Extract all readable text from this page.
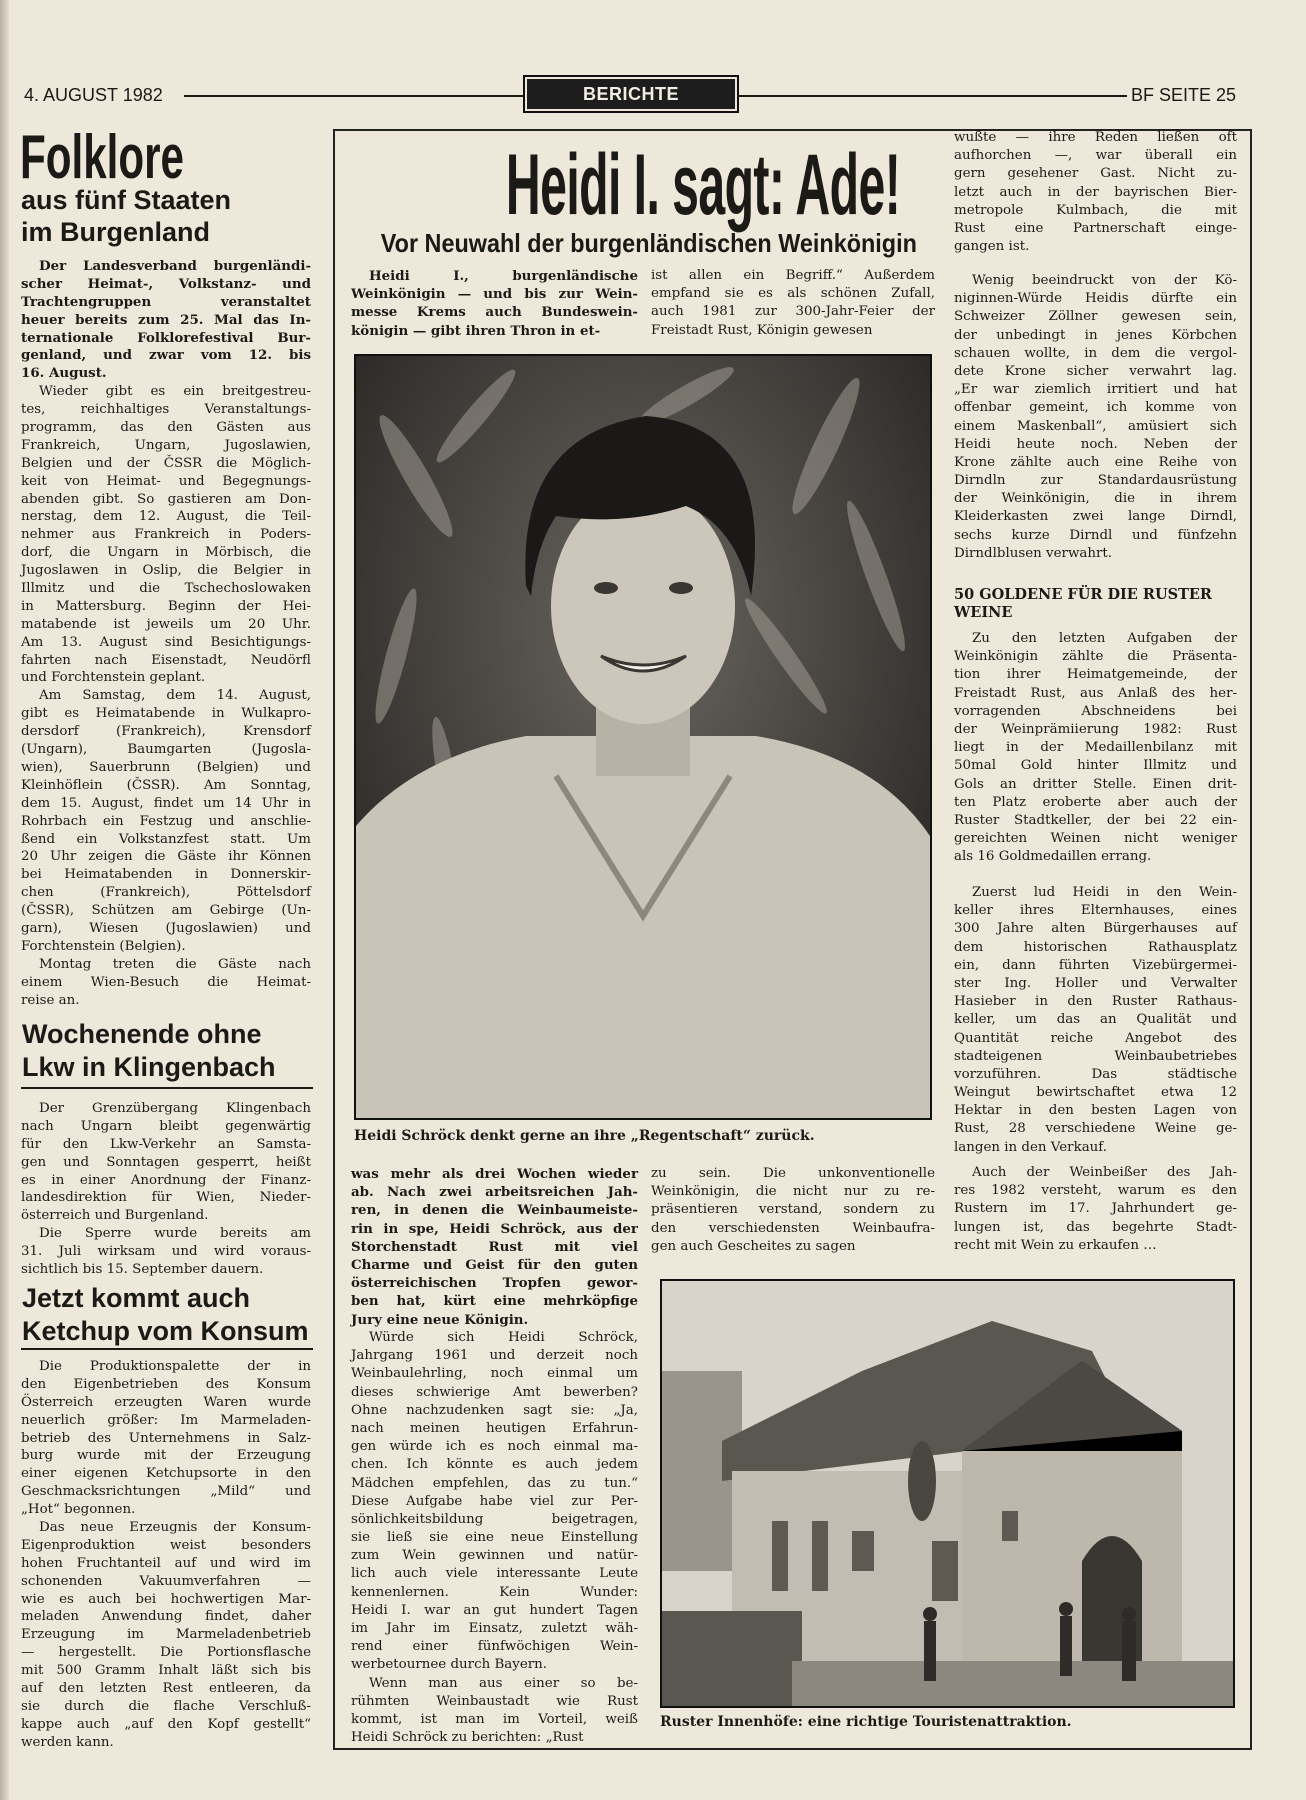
4. AUGUST 1982	BERICHTE	BF SEITE 25
Folklore
aus fünf Staaten
im Burgenland
Der Landesverband burgenländi-
scher Heimat-, Volkstanz- und
Trachtengruppen veranstaltet
heuer bereits zum 25. Mal das In-
ternationale Folklorefestival Bur-
genland, und zwar vom 12. bis
16. August.
Wieder gibt es ein breitgestreu-
tes, reichhaltiges Veranstaltungs-
programm, das den Gästen aus
Frankreich, Ungarn, Jugoslawien,
Belgien und der ČSSR die Möglich-
keit von Heimat- und Begegnungs-
abenden gibt. So gastieren am Don-
nerstag, dem 12. August, die Teil-
nehmer aus Frankreich in Poders-
dorf, die Ungarn in Mörbisch, die
Jugoslawen in Oslip, die Belgier in
Illmitz und die Tschechoslowaken
in Mattersburg. Beginn der Hei-
matabende ist jeweils um 20 Uhr.
Am 13. August sind Besichtigungs-
fahrten nach Eisenstadt, Neudörfl
und Forchtenstein geplant.
Am Samstag, dem 14. August,
gibt es Heimatabende in Wulkapro-
dersdorf (Frankreich), Krensdorf
(Ungarn), Baumgarten (Jugosla-
wien), Sauerbrunn (Belgien) und
Kleinhöflein (ČSSR). Am Sonntag,
dem 15. August, findet um 14 Uhr in
Rohrbach ein Festzug und anschlie-
ßend ein Volkstanzfest statt. Um
20 Uhr zeigen die Gäste ihr Können
bei Heimatabenden in Donnerskir-
chen (Frankreich), Pöttelsdorf
(ČSSR), Schützen am Gebirge (Un-
garn), Wiesen (Jugoslawien) und
Forchtenstein (Belgien).
Montag treten die Gäste nach
einem Wien-Besuch die Heimat-
reise an.
Wochenende ohne
Lkw in Klingenbach
Der Grenzübergang Klingenbach
nach Ungarn bleibt gegenwärtig
für den Lkw-Verkehr an Samsta-
gen und Sonntagen gesperrt, heißt
es in einer Anordnung der Finanz-
landesdirektion für Wien, Nieder-
österreich und Burgenland.
Die Sperre wurde bereits am
31. Juli wirksam und wird voraus-
sichtlich bis 15. September dauern.
Jetzt kommt auch
Ketchup vom Konsum
Die Produktionspalette der in
den Eigenbetrieben des Konsum
Österreich erzeugten Waren wurde
neuerlich größer: Im Marmeladen-
betrieb des Unternehmens in Salz-
burg wurde mit der Erzeugung
einer eigenen Ketchupsorte in den
Geschmacksrichtungen „Mild“ und
„Hot“ begonnen.
Das neue Erzeugnis der Konsum-
Eigenproduktion weist besonders
hohen Fruchtanteil auf und wird im
schonenden Vakuumverfahren —
wie es auch bei hochwertigen Mar-
meladen Anwendung findet, daher
Erzeugung im Marmeladenbetrieb
— hergestellt. Die Portionsflasche
mit 500 Gramm Inhalt läßt sich bis
auf den letzten Rest entleeren, da
sie durch die flache Verschluß-
kappe auch „auf den Kopf gestellt“
werden kann.
Heidi I. sagt: Ade!
Vor Neuwahl der burgenländischen Weinkönigin
Heidi I., burgenländische
Weinkönigin — und bis zur Wein-
messe Krems auch Bundeswein-
königin — gibt ihren Thron in et-
ist allen ein Begriff.“ Außerdem
empfand sie es als schönen Zufall,
auch 1981 zur 300-Jahr-Feier der
Freistadt Rust, Königin gewesen
Heidi Schröck denkt gerne an ihre „Regentschaft“ zurück.
was mehr als drei Wochen wieder
ab. Nach zwei arbeitsreichen Jah-
ren, in denen die Weinbaumeiste-
rin in spe, Heidi Schröck, aus der
Storchenstadt Rust mit viel
Charme und Geist für den guten
österreichischen Tropfen gewor-
ben hat, kürt eine mehrköpfige
Jury eine neue Königin.
Würde sich Heidi Schröck,
Jahrgang 1961 und derzeit noch
Weinbaulehrling, noch einmal um
dieses schwierige Amt bewerben?
Ohne nachzudenken sagt sie: „Ja,
nach meinen heutigen Erfahrun-
gen würde ich es noch einmal ma-
chen. Ich könnte es auch jedem
Mädchen empfehlen, das zu tun.“
Diese Aufgabe habe viel zur Per-
sönlichkeitsbildung beigetragen,
sie ließ sie eine neue Einstellung
zum Wein gewinnen und natür-
lich auch viele interessante Leute
kennenlernen. Kein Wunder:
Heidi I. war an gut hundert Tagen
im Jahr im Einsatz, zuletzt wäh-
rend einer fünfwöchigen Wein-
werbetournee durch Bayern.
Wenn man aus einer so be-
rühmten Weinbaustadt wie Rust
kommt, ist man im Vorteil, weiß
Heidi Schröck zu berichten: „Rust
zu sein. Die unkonventionelle
Weinkönigin, die nicht nur zu re-
präsentieren verstand, sondern zu
den verschiedensten Weinbaufra-
gen auch Gescheites zu sagen
Ruster Innenhöfe: eine richtige Touristenattraktion.
wußte — ihre Reden ließen oft
aufhorchen —, war überall ein
gern gesehener Gast. Nicht zu-
letzt auch in der bayrischen Bier-
metropole Kulmbach, die mit
Rust eine Partnerschaft einge-
gangen ist.
Wenig beeindruckt von der Kö-
niginnen-Würde Heidis dürfte ein
Schweizer Zöllner gewesen sein,
der unbedingt in jenes Körbchen
schauen wollte, in dem die vergol-
dete Krone sicher verwahrt lag.
„Er war ziemlich irritiert und hat
offenbar gemeint, ich komme von
einem Maskenball“, amüsiert sich
Heidi heute noch. Neben der
Krone zählte auch eine Reihe von
Dirndln zur Standardausrüstung
der Weinkönigin, die in ihrem
Kleiderkasten zwei lange Dirndl,
sechs kurze Dirndl und fünfzehn
Dirndlblusen verwahrt.
50 GOLDENE FÜR DIE RUSTER WEINE
Zu den letzten Aufgaben der
Weinkönigin zählte die Präsenta-
tion ihrer Heimatgemeinde, der
Freistadt Rust, aus Anlaß des her-
vorragenden Abschneidens bei
der Weinprämiierung 1982: Rust
liegt in der Medaillenbilanz mit
50mal Gold hinter Illmitz und
Gols an dritter Stelle. Einen drit-
ten Platz eroberte aber auch der
Ruster Stadtkeller, der bei 22 ein-
gereichten Weinen nicht weniger
als 16 Goldmedaillen errang.
Zuerst lud Heidi in den Wein-
keller ihres Elternhauses, eines
300 Jahre alten Bürgerhauses auf
dem historischen Rathausplatz
ein, dann führten Vizebürgermei-
ster Ing. Holler und Verwalter
Hasieber in den Ruster Rathaus-
keller, um das an Qualität und
Quantität reiche Angebot des
stadteigenen Weinbaubetriebes
vorzuführen. Das städtische
Weingut bewirtschaftet etwa 12
Hektar in den besten Lagen von
Rust, 28 verschiedene Weine ge-
langen in den Verkauf.
Auch der Weinbeißer des Jah-
res 1982 versteht, warum es den
Rustern im 17. Jahrhundert ge-
lungen ist, das begehrte Stadt-
recht mit Wein zu erkaufen …
